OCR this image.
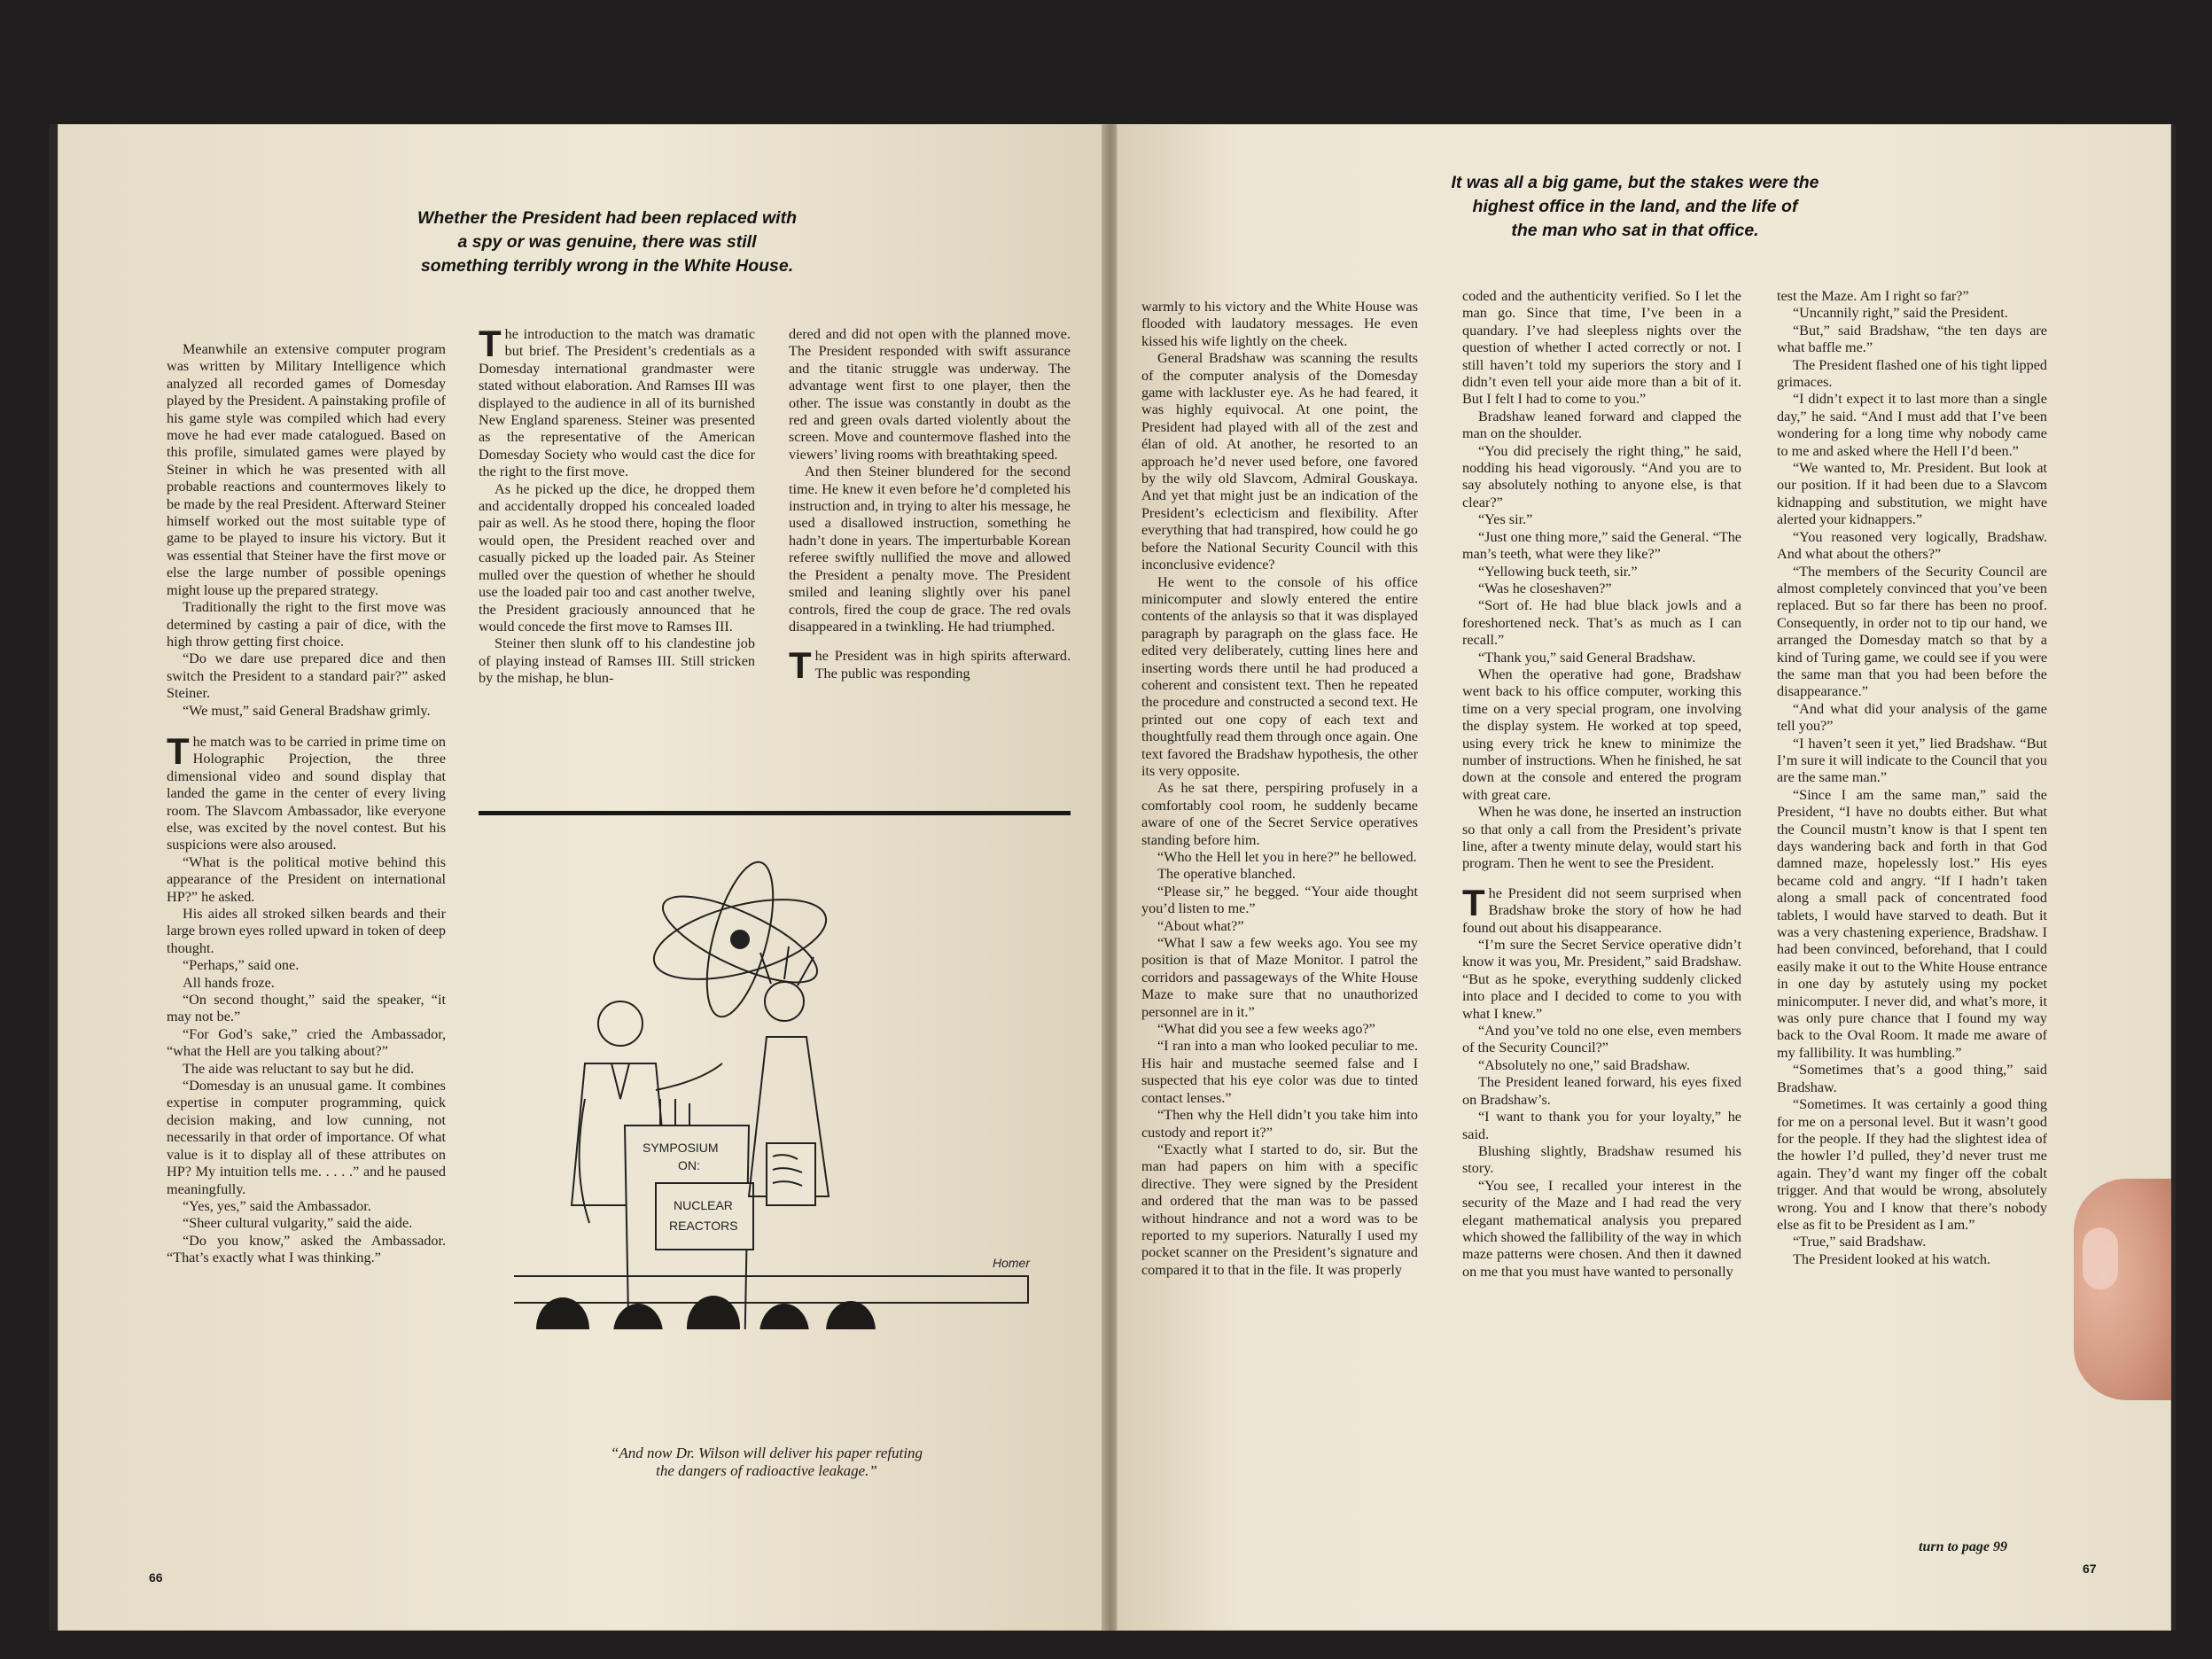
Whether the President had been replaced with
a spy or was genuine, there was still
something terribly wrong in the White House.

Meanwhile an extensive computer program was written by Military Intelligence which analyzed all recorded games of Domesday played by the President. A painstaking profile of his game style was compiled which had every move he had ever made catalogued. Based on this profile, simulated games were played by Steiner in which he was presented with all probable reactions and countermoves likely to be made by the real President. Afterward Steiner himself worked out the most suitable type of game to be played to insure his victory. But it was essential that Steiner have the first move or else the large number of possible openings might louse up the prepared strategy.

Traditionally the right to the first move was determined by casting a pair of dice, with the high throw getting first choice.

“Do we dare use prepared dice and then switch the President to a standard pair?” asked Steiner.

“We must,” said General Bradshaw grimly.

The match was to be carried in prime time on Holographic Projection, the three dimensional video and sound display that landed the game in the center of every living room. The Slavcom Ambassador, like everyone else, was excited by the novel contest. But his suspicions were also aroused.

“What is the political motive behind this appearance of the President on international HP?” he asked.

His aides all stroked silken beards and their large brown eyes rolled upward in token of deep thought.

“Perhaps,” said one.

All hands froze.

“On second thought,” said the speaker, “it may not be.”

“For God’s sake,” cried the Ambassador, “what the Hell are you talking about?”

The aide was reluctant to say but he did.

“Domesday is an unusual game. It combines expertise in computer programming, quick decision making, and low cunning, not necessarily in that order of importance. Of what value is it to display all of these attributes on HP? My intuition tells me. . . . .” and he paused meaningfully.

“Yes, yes,” said the Ambassador.

“Sheer cultural vulgarity,” said the aide.

“Do you know,” asked the Ambassador. “That’s exactly what I was thinking.”

The introduction to the match was dramatic but brief. The President’s credentials as a Domesday international grandmaster were stated without elaboration. And Ramses III was displayed to the audience in all of its burnished New England spareness. Steiner was presented as the representative of the American Domesday Society who would cast the dice for the right to the first move.

As he picked up the dice, he dropped them and accidentally dropped his concealed loaded pair as well. As he stood there, hoping the floor would open, the President reached over and casually picked up the loaded pair. As Steiner mulled over the question of whether he should use the loaded pair too and cast another twelve, the President graciously announced that he would concede the first move to Ramses III.

Steiner then slunk off to his clandestine job of playing instead of Ramses III. Still stricken by the mishap, he blun-

dered and did not open with the planned move. The President responded with swift assurance and the titanic struggle was underway. The advantage went first to one player, then the other. The issue was constantly in doubt as the red and green ovals darted violently about the screen. Move and countermove flashed into the viewers’ living rooms with breathtaking speed.

And then Steiner blundered for the second time. He knew it even before he’d completed his instruction and, in trying to alter his message, he used a disallowed instruction, something he hadn’t done in years. The imperturbable Korean referee swiftly nullified the move and allowed the President a penalty move. The President smiled and leaning slightly over his panel controls, fired the coup de grace. The red ovals disappeared in a twinkling. He had triumphed.

The President was in high spirits afterward. The public was responding

SYMPOSIUM
ON:
NUCLEAR
REACTORS
Homer
“And now Dr. Wilson will deliver his paper refuting
the dangers of radioactive leakage.”
66
It was all a big game, but the stakes were the
highest office in the land, and the life of
the man who sat in that office.

warmly to his victory and the White House was flooded with laudatory messages. He even kissed his wife lightly on the cheek.

General Bradshaw was scanning the results of the computer analysis of the Domesday game with lackluster eye. As he had feared, it was highly equivocal. At one point, the President had played with all of the zest and élan of old. At another, he resorted to an approach he’d never used before, one favored by the wily old Slavcom, Admiral Gouskaya. And yet that might just be an indication of the President’s eclecticism and flexibility. After everything that had transpired, how could he go before the National Security Council with this inconclusive evidence?

He went to the console of his office minicomputer and slowly entered the entire contents of the anlaysis so that it was displayed paragraph by paragraph on the glass face. He edited very deliberately, cutting lines here and inserting words there until he had produced a coherent and consistent text. Then he repeated the procedure and constructed a second text. He printed out one copy of each text and thoughtfully read them through once again. One text favored the Bradshaw hypothesis, the other its very opposite.

As he sat there, perspiring profusely in a comfortably cool room, he suddenly became aware of one of the Secret Service operatives standing before him.

“Who the Hell let you in here?” he bellowed.

The operative blanched.

“Please sir,” he begged. “Your aide thought you’d listen to me.”

“About what?”

“What I saw a few weeks ago. You see my position is that of Maze Monitor. I patrol the corridors and passageways of the White House Maze to make sure that no unauthorized personnel are in it.”

“What did you see a few weeks ago?”

“I ran into a man who looked peculiar to me. His hair and mustache seemed false and I suspected that his eye color was due to tinted contact lenses.”

“Then why the Hell didn’t you take him into custody and report it?”

“Exactly what I started to do, sir. But the man had papers on him with a specific directive. They were signed by the President and ordered that the man was to be passed without hindrance and not a word was to be reported to my superiors. Naturally I used my pocket scanner on the President’s signature and compared it to that in the file. It was properly

coded and the authenticity verified. So I let the man go. Since that time, I’ve been in a quandary. I’ve had sleepless nights over the question of whether I acted correctly or not. I still haven’t told my superiors the story and I didn’t even tell your aide more than a bit of it. But I felt I had to come to you.”

Bradshaw leaned forward and clapped the man on the shoulder.

“You did precisely the right thing,” he said, nodding his head vigorously. “And you are to say absolutely nothing to anyone else, is that clear?”

“Yes sir.”

“Just one thing more,” said the General. “The man’s teeth, what were they like?”

“Yellowing buck teeth, sir.”

“Was he closeshaven?”

“Sort of. He had blue black jowls and a foreshortened neck. That’s as much as I can recall.”

“Thank you,” said General Bradshaw.

When the operative had gone, Bradshaw went back to his office computer, working this time on a very special program, one involving the display system. He worked at top speed, using every trick he knew to minimize the number of instructions. When he finished, he sat down at the console and entered the program with great care.

When he was done, he inserted an instruction so that only a call from the President’s private line, after a twenty minute delay, would start his program. Then he went to see the President.

The President did not seem surprised when Bradshaw broke the story of how he had found out about his disappearance.

“I’m sure the Secret Service operative didn’t know it was you, Mr. President,” said Bradshaw. “But as he spoke, everything suddenly clicked into place and I decided to come to you with what I knew.”

“And you’ve told no one else, even members of the Security Council?”

“Absolutely no one,” said Bradshaw.

The President leaned forward, his eyes fixed on Bradshaw’s.

“I want to thank you for your loyalty,” he said.

Blushing slightly, Bradshaw resumed his story.

“You see, I recalled your interest in the security of the Maze and I had read the very elegant mathematical analysis you prepared which showed the fallibility of the way in which maze patterns were chosen. And then it dawned on me that you must have wanted to personally

test the Maze. Am I right so far?”

“Uncannily right,” said the President.

“But,” said Bradshaw, “the ten days are what baffle me.”

The President flashed one of his tight lipped grimaces.

“I didn’t expect it to last more than a single day,” he said. “And I must add that I’ve been wondering for a long time why nobody came to me and asked where the Hell I’d been.”

“We wanted to, Mr. President. But look at our position. If it had been due to a Slavcom kidnapping and substitution, we might have alerted your kidnappers.”

“You reasoned very logically, Bradshaw. And what about the others?”

“The members of the Security Council are almost completely convinced that you’ve been replaced. But so far there has been no proof. Consequently, in order not to tip our hand, we arranged the Domesday match so that by a kind of Turing game, we could see if you were the same man that you had been before the disappearance.”

“And what did your analysis of the game tell you?”

“I haven’t seen it yet,” lied Bradshaw. “But I’m sure it will indicate to the Council that you are the same man.”

“Since I am the same man,” said the President, “I have no doubts either. But what the Council mustn’t know is that I spent ten days wandering back and forth in that God damned maze, hopelessly lost.” His eyes became cold and angry. “If I hadn’t taken along a small pack of concentrated food tablets, I would have starved to death. But it was a very chastening experience, Bradshaw. I had been convinced, beforehand, that I could easily make it out to the White House entrance in one day by astutely using my pocket minicomputer. I never did, and what’s more, it was only pure chance that I found my way back to the Oval Room. It made me aware of my fallibility. It was humbling.”

“Sometimes that’s a good thing,” said Bradshaw.

“Sometimes. It was certainly a good thing for me on a personal level. But it wasn’t good for the people. If they had the slightest idea of the howler I’d pulled, they’d never trust me again. They’d want my finger off the cobalt trigger. And that would be wrong, absolutely wrong. You and I know that there’s nobody else as fit to be President as I am.”

“True,” said Bradshaw.

The President looked at his watch.

turn to page 99
67
